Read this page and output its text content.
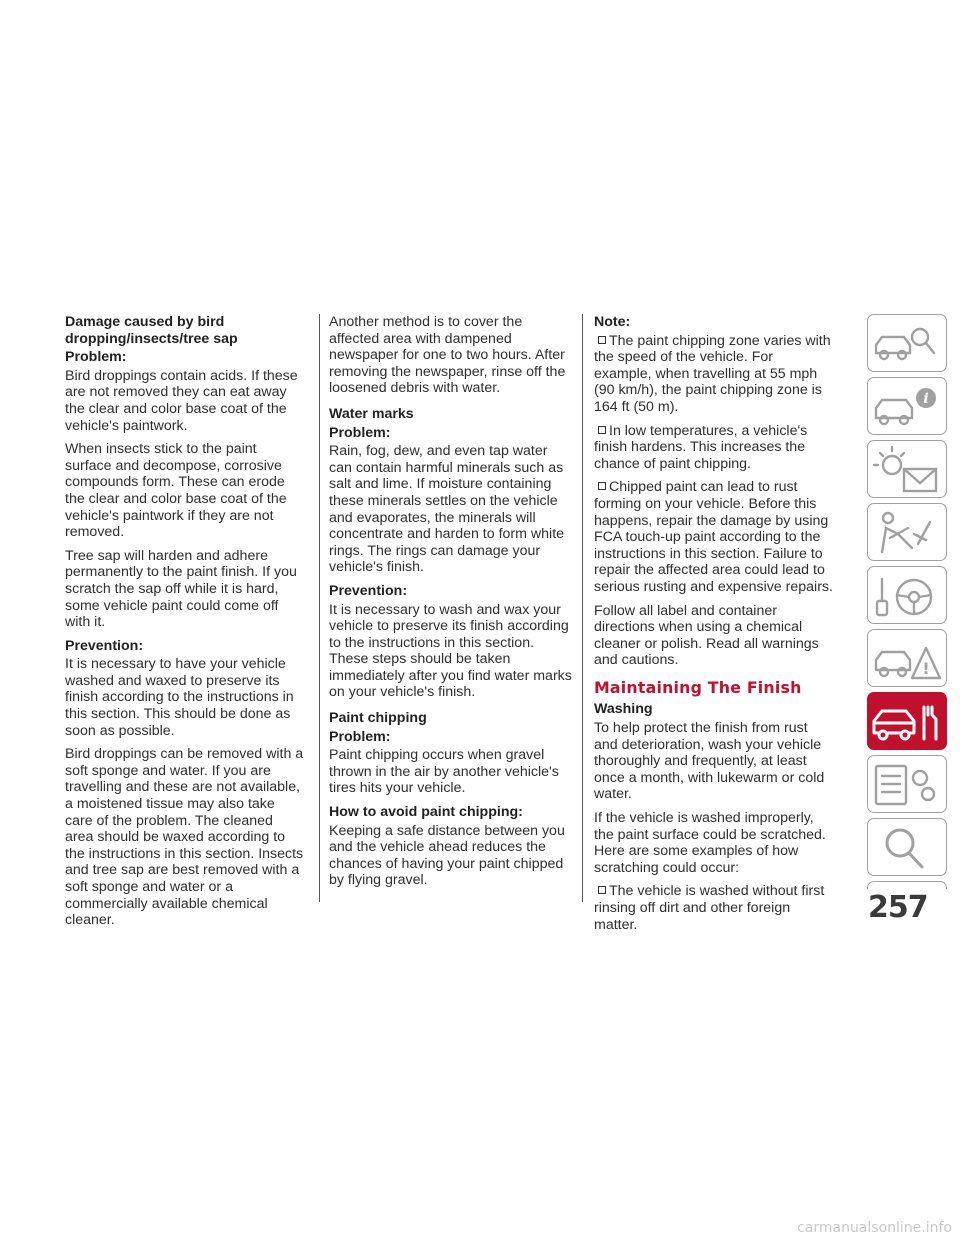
Damage caused by bird dropping/insects/tree sap
Problem:

Bird droppings contain acids. If these are not removed they can eat away the clear and color base coat of the vehicle's paintwork.

When insects stick to the paint surface and decompose, corrosive compounds form. These can erode the clear and color base coat of the vehicle's paintwork if they are not removed.

Tree sap will harden and adhere permanently to the paint finish. If you scratch the sap off while it is hard, some vehicle paint could come off with it.

Prevention:

It is necessary to have your vehicle washed and waxed to preserve its finish according to the instructions in this section. This should be done as soon as possible.

Bird droppings can be removed with a soft sponge and water. If you are travelling and these are not available, a moistened tissue may also take care of the problem. The cleaned area should be waxed according to the instructions in this section. Insects and tree sap are best removed with a soft sponge and water or a commercially available chemical cleaner.

Another method is to cover the affected area with dampened newspaper for one to two hours. After removing the newspaper, rinse off the loosened debris with water.

Water marks
Problem:

Rain, fog, dew, and even tap water can contain harmful minerals such as salt and lime. If moisture containing these minerals settles on the vehicle and evaporates, the minerals will concentrate and harden to form white rings. The rings can damage your vehicle's finish.

Prevention:

It is necessary to wash and wax your vehicle to preserve its finish according to the instructions in this section. These steps should be taken immediately after you find water marks on your vehicle's finish.

Paint chipping
Problem:

Paint chipping occurs when gravel thrown in the air by another vehicle's tires hits your vehicle.

How to avoid paint chipping:

Keeping a safe distance between you and the vehicle ahead reduces the chances of having your paint chipped by flying gravel.

Note:

The paint chipping zone varies with the speed of the vehicle. For example, when travelling at 55 mph (90 km/h), the paint chipping zone is 164 ft (50 m).

In low temperatures, a vehicle's finish hardens. This increases the chance of paint chipping.

Chipped paint can lead to rust forming on your vehicle. Before this happens, repair the damage by using FCA touch-up paint according to the instructions in this section. Failure to repair the affected area could lead to serious rusting and expensive repairs.

Follow all label and container directions when using a chemical cleaner or polish. Read all warnings and cautions.

Maintaining The Finish
Washing

To help protect the finish from rust and deterioration, wash your vehicle thoroughly and frequently, at least once a month, with lukewarm or cold water.

If the vehicle is washed improperly, the paint surface could be scratched. Here are some examples of how scratching could occur:

The vehicle is washed without first rinsing off dirt and other foreign matter.

i
!
257
carmanualsonline.info
